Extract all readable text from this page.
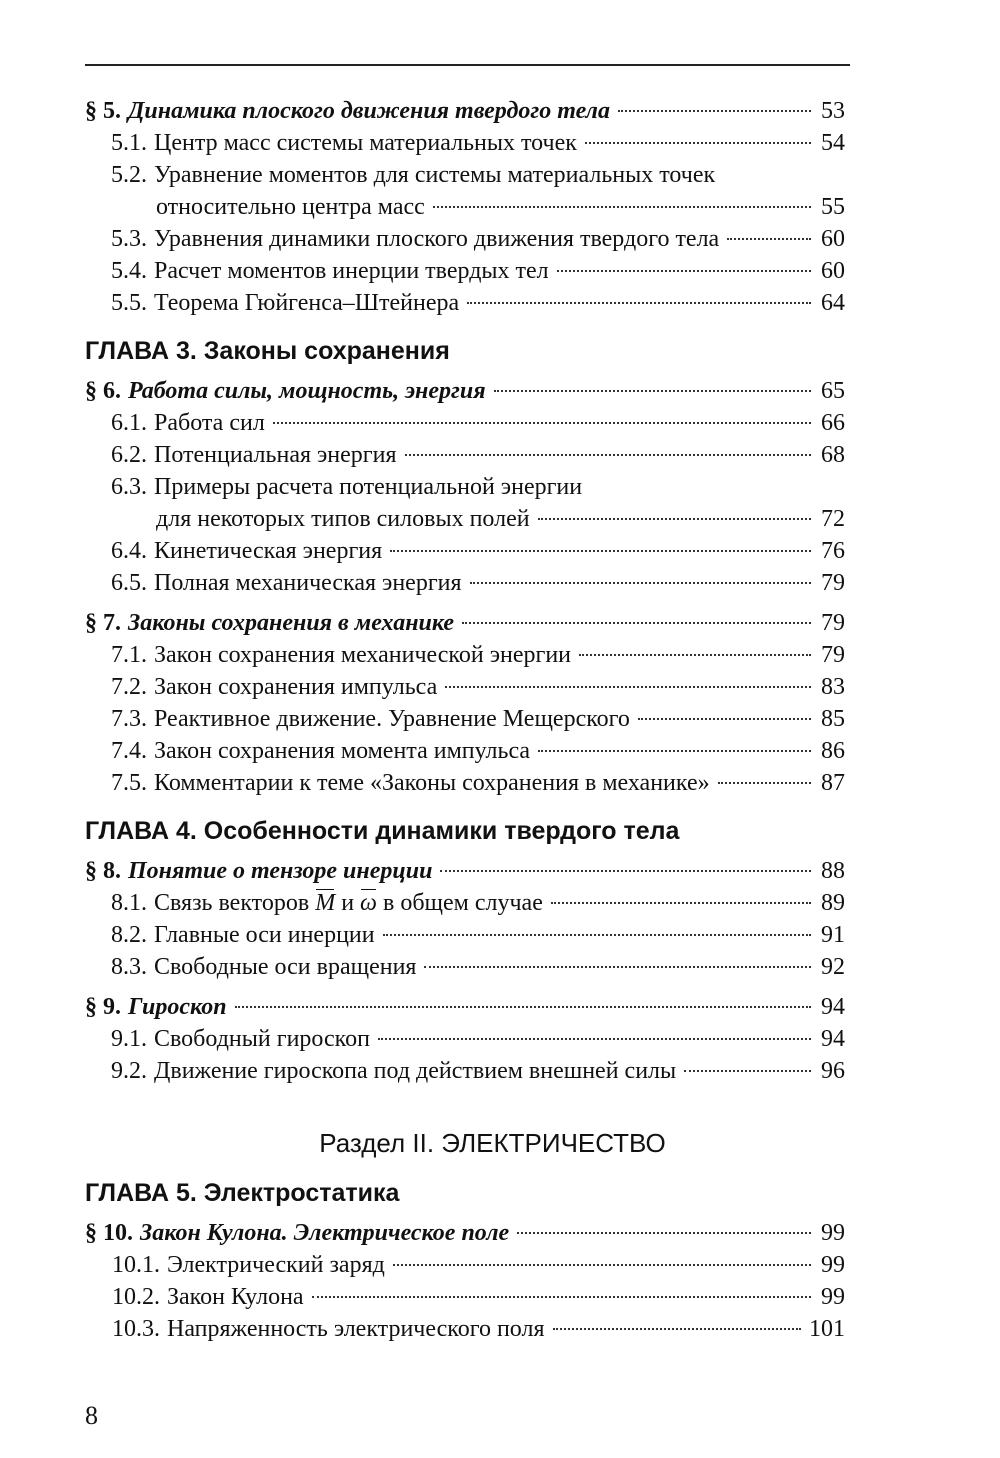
§ 5. Динамика плоского движения твердого тела	53
5.1. Центр масс системы материальных точек	54
5.2. Уравнение моментов для системы материальных точек
относительно центра масс	55
5.3. Уравнения динамики плоского движения твердого тела	60
5.4. Расчет моментов инерции твердых тел	60
5.5. Теорема Гюйгенса–Штейнера	64
ГЛАВА 3. Законы сохранения
§ 6. Работа силы, мощность, энергия	65
6.1. Работа сил	66
6.2. Потенциальная энергия	68
6.3. Примеры расчета потенциальной энергии
для некоторых типов силовых полей	72
6.4. Кинетическая энергия	76
6.5. Полная механическая энергия	79
§ 7. Законы сохранения в механике	79
7.1. Закон сохранения механической энергии	79
7.2. Закон сохранения импульса	83
7.3. Реактивное движение. Уравнение Мещерского	85
7.4. Закон сохранения момента импульса	86
7.5. Комментарии к теме «Законы сохранения в механике»	87
ГЛАВА 4. Особенности динамики твердого тела
§ 8. Понятие о тензоре инерции	88
8.1. Связь векторов
M
и
ω
в общем случае	89
8.2. Главные оси инерции	91
8.3. Свободные оси вращения	92
§ 9. Гироскоп	94
9.1. Свободный гироскоп	94
9.2. Движение гироскопа под действием внешней силы	96
Раздел II. ЭЛЕКТРИЧЕСТВО
ГЛАВА 5. Электростатика
§ 10. Закон Кулона. Электрическое поле	99
10.1. Электрический заряд	99
10.2. Закон Кулона	99
10.3. Напряженность электрического поля	101
8
